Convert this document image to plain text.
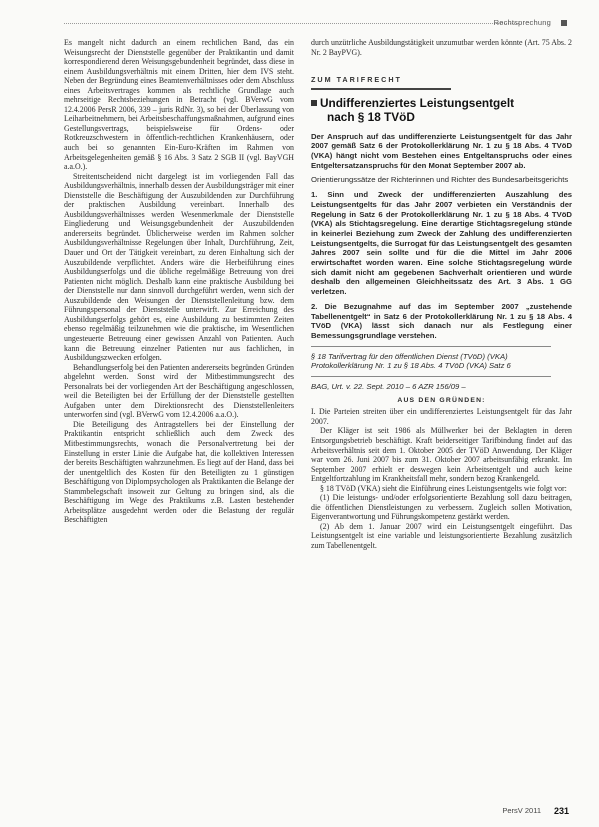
Rechtsprechung

Es mangelt nicht dadurch an einem rechtlichen Band, das ein Weisungsrecht der Dienststelle gegenüber der Praktikantin und damit korrespondierend deren Weisungsgebundenheit begründet, dass diese in einem Ausbildungsverhältnis mit einem Dritten, hier dem IVS steht. Neben der Begründung eines Beamtenverhältnisses oder dem Abschluss eines Arbeitsvertrages kommen als rechtliche Grundlage auch mehrseitige Rechtsbeziehungen in Betracht (vgl. BVerwG vom 12.4.2006 PersR 2006, 339 – juris RdNr. 3), so bei der Überlassung von Leiharbeitnehmern, bei Arbeitsbeschaffungsmaßnahmen, aufgrund eines Gestellungsvertrags, beispielsweise für Ordens- oder Rotkreuzschwestern in öffentlich-rechtlichen Krankenhäusern, oder auch bei so genannten Ein-Euro-Kräften im Rahmen von Arbeitsgelegenheiten gemäß § 16 Abs. 3 Satz 2 SGB II (vgl. BayVGH a.a.O.).

Streitentscheidend nicht dargelegt ist im vorliegenden Fall das Ausbildungsverhältnis, innerhalb dessen der Ausbildungsträger mit einer Dienststelle die Beschäftigung der Auszubildenden zur Durchführung der praktischen Ausbildung vereinbart. Innerhalb des Ausbildungsverhältnisses werden Wesenmerkmale der Dienststelle Eingliederung und Weisungsgebundenheit der Auszubildenden andererseits begründet. Üblicherweise werden im Rahmen solcher Ausbildungsverhältnisse Regelungen über Inhalt, Durchführung, Zeit, Dauer und Ort der Tätigkeit vereinbart, zu deren Einhaltung sich der Auszubildende verpflichtet. Anders wäre die Herbeiführung eines Ausbildungserfolgs und die übliche regelmäßige Betreuung von drei Patienten nicht möglich. Deshalb kann eine praktische Ausbildung bei der Dienststelle nur dann sinnvoll durchgeführt werden, wenn sich der Auszubildende den Weisungen der Dienststellenleitung bzw. dem Führungspersonal der Dienststelle unterwirft. Zur Erreichung des Ausbildungserfolgs gehört es, eine Ausbildung zu bestimmten Zeiten ebenso regelmäßig teilzunehmen wie die praktische, im Wesentlichen ungesteuerte Betreuung einer gewissen Anzahl von Patienten. Auch kann die Betreuung einzelner Patienten nur aus fachlichen, in Ausbildungszwecken erfolgen.

Behandlungserfolg bei den Patienten andererseits begründen Gründen abgelehnt werden. Sonst wird der Mitbestimmungsrecht des Personalrats bei der vorliegenden Art der Beschäftigung angeschlossen, weil die Beteiligten bei der Erfüllung der der Dienststelle gestellten Aufgaben unter dem Direktionsrecht des Dienststellenleiters unterworfen sind (vgl. BVerwG vom 12.4.2006 a.a.O.).

Die Beteiligung des Antragstellers bei der Einstellung der Praktikantin entspricht schließlich auch dem Zweck des Mitbestimmungsrechts, wonach die Personalvertretung bei der Einstellung in erster Linie die Aufgabe hat, die kollektiven Interessen der bereits Beschäftigten wahrzunehmen. Es liegt auf der Hand, dass bei der unentgeltlich des Kosten für den Beteiligten zu 1 günstigen Beschäftigung von Diplompsychologen als Praktikanten die Belange der Stammbelegschaft insoweit zur Geltung zu bringen sind, als die Beschäftigung im Wege des Praktikums z.B. Lasten bestehender Arbeitsplätze ausgedehnt werden oder die Belastung der regulär Beschäftigten

durch unzütrliche Ausbildungstätigkeit unzumutbar werden könnte (Art. 75 Abs. 2 Nr. 2 BayPVG).

ZUM TARIFRECHT
Undifferenziertes Leistungsentgelt
nach § 18 TVöD

Der Anspruch auf das undifferenzierte Leistungsentgelt für das Jahr 2007 gemäß Satz 6 der Protokollerklärung Nr. 1 zu § 18 Abs. 4 TVöD (VKA) hängt nicht vom Bestehen eines Entgeltanspruchs oder eines Entgeltersatzanspruchs für den Monat September 2007 ab.

Orientierungssätze der Richterinnen und Richter des Bundesarbeitsgerichts

1. Sinn und Zweck der undifferenzierten Auszahlung des Leistungsentgelts für das Jahr 2007 verbieten ein Verständnis der Regelung in Satz 6 der Protokollerklärung Nr. 1 zu § 18 Abs. 4 TVöD (VKA) als Stichtagsregelung. Eine derartige Stichtagsregelung stünde in keinerlei Beziehung zum Zweck der Zahlung des undifferenzierten Leistungsentgelts, die Surrogat für das Leistungsentgelt des gesamten Jahres 2007 sein sollte und für die die Mittel im Jahr 2006 erwirtschaftet worden waren. Eine solche Stichtagsregelung würde sich damit nicht am gegebenen Sachverhalt orientieren und würde deshalb den allgemeinen Gleichheitssatz des Art. 3 Abs. 1 GG verletzen.

2. Die Bezugnahme auf das im September 2007 „zustehende Tabellenentgelt“ in Satz 6 der Protokollerklärung Nr. 1 zu § 18 Abs. 4 TVöD (VKA) lässt sich danach nur als Festlegung einer Bemessungsgrundlage verstehen.

§ 18 Tarifvertrag für den öffentlichen Dienst (TVöD) (VKA)

Protokollerklärung Nr. 1 zu § 18 Abs. 4 TVöD (VKA) Satz 6

BAG, Urt. v. 22. Sept. 2010 – 6 AZR 156/09 –

AUS DEN GRÜNDEN:

I. Die Parteien streiten über ein undifferenziertes Leistungsentgelt für das Jahr 2007.

Der Kläger ist seit 1986 als Müllwerker bei der Beklagten in deren Entsorgungsbetrieb beschäftigt. Kraft beiderseitiger Tarifbindung findet auf das Arbeitsverhältnis seit dem 1. Oktober 2005 der TVöD Anwendung. Der Kläger war vom 26. Juni 2007 bis zum 31. Oktober 2007 arbeitsunfähig erkrankt. Im September 2007 erhielt er deswegen kein Arbeitsentgelt und auch keine Entgeltfortzahlung im Krankheitsfall mehr, sondern bezog Krankengeld.

§ 18 TVöD (VKA) sieht die Einführung eines Leistungsentgelts wie folgt vor:

(1) Die leistungs- und/oder erfolgsorientierte Bezahlung soll dazu beitragen, die öffentlichen Dienstleistungen zu verbessern. Zugleich sollen Motivation, Eigenverantwortung und Führungskompetenz gestärkt werden.

(2) Ab dem 1. Januar 2007 wird ein Leistungsentgelt eingeführt. Das Leistungsentgelt ist eine variable und leistungsorientierte Bezahlung zusätzlich zum Tabellenentgelt.

PersV 2011 231
